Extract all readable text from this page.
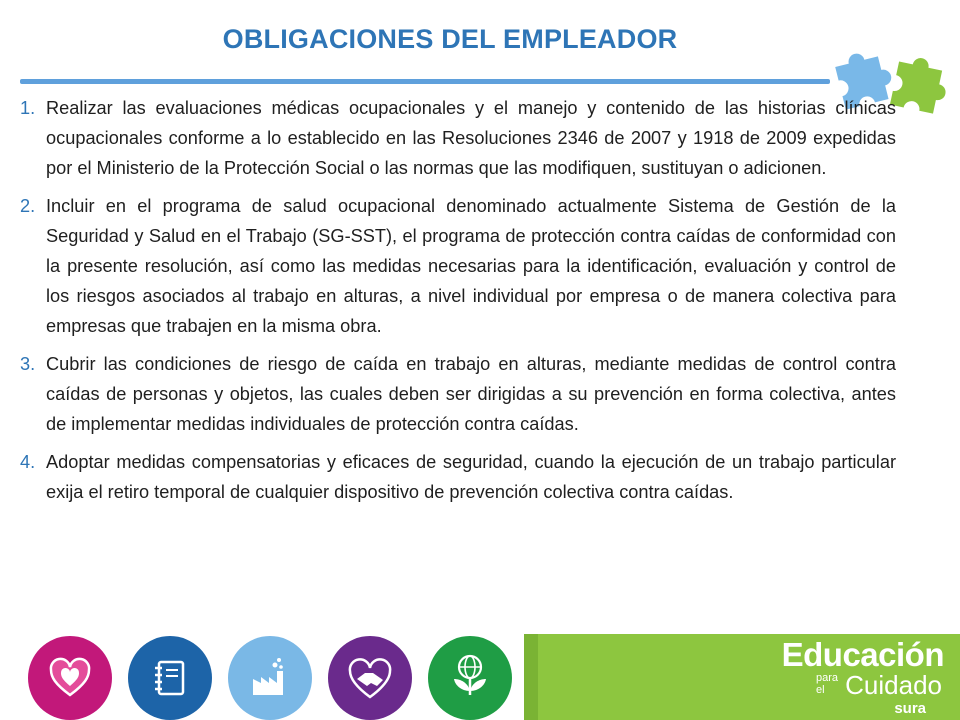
OBLIGACIONES DEL EMPLEADOR
1. Realizar las evaluaciones médicas ocupacionales y el manejo y contenido de las historias clínicas ocupacionales conforme a lo establecido en las Resoluciones 2346 de 2007 y 1918 de 2009 expedidas por el Ministerio de la Protección Social o las normas que las modifiquen, sustituyan o adicionen.
2. Incluir en el programa de salud ocupacional denominado actualmente Sistema de Gestión de la Seguridad y Salud en el Trabajo (SG-SST), el programa de protección contra caídas de conformidad con la presente resolución, así como las medidas necesarias para la identificación, evaluación y control de los riesgos asociados al trabajo en alturas, a nivel individual por empresa o de manera colectiva para empresas que trabajen en la misma obra.
3. Cubrir las condiciones de riesgo de caída en trabajo en alturas, mediante medidas de control contra caídas de personas y objetos, las cuales deben ser dirigidas a su prevención en forma colectiva, antes de implementar medidas individuales de protección contra caídas.
4. Adoptar medidas compensatorias y eficaces de seguridad, cuando la ejecución de un trabajo particular exija el retiro temporal de cualquier dispositivo de prevención colectiva contra caídas.
Educación
para
el Cuidado
sura
